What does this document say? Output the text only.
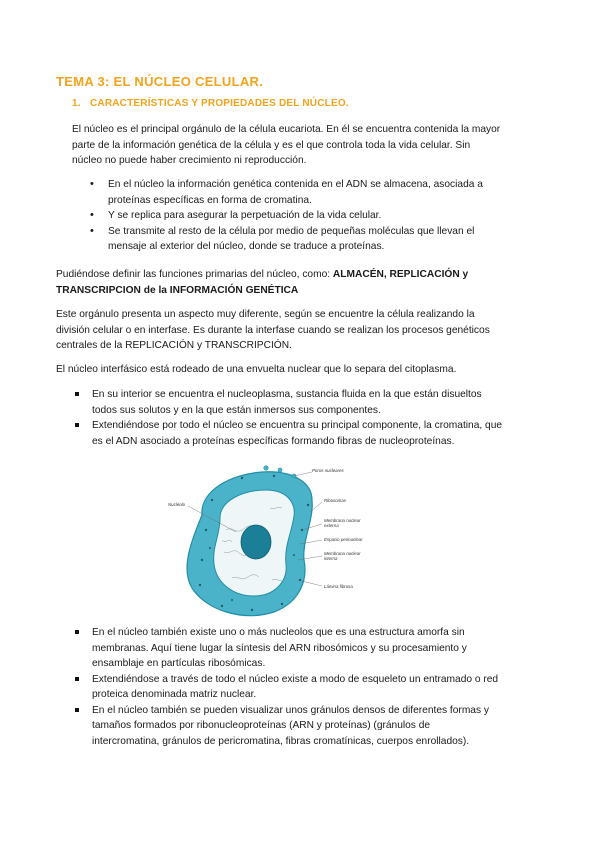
TEMA 3: EL NÚCLEO CELULAR.
1. CARACTERÍSTICAS Y PROPIEDADES DEL NÚCLEO.
El núcleo es el principal orgánulo de la célula eucariota. En él se encuentra contenida la mayor
parte de la información genética de la célula y es el que controla toda la vida celular. Sin
núcleo no puede haber crecimiento ni reproducción.
• En el núcleo la información genética contenida en el ADN se almacena, asociada a
proteínas específicas en forma de cromatina.
• Y se replica para asegurar la perpetuación de la vida celular.
• Se transmite al resto de la célula por medio de pequeñas moléculas que llevan el
mensaje al exterior del núcleo, donde se traduce a proteínas.
Pudiéndose definir las funciones primarias del núcleo, como: ALMACÉN, REPLICACIÓN y
TRANSCRIPCION de la INFORMACIÓN GENÉTICA
Este orgánulo presenta un aspecto muy diferente, según se encuentre la célula realizando la
división celular o en interfase. Es durante la interfase cuando se realizan los procesos genéticos
centrales de la REPLICACIÓN y TRANSCRIPCIÓN.
El núcleo interfásico está rodeado de una envuelta nuclear que lo separa del citoplasma.
En su interior se encuentra el nucleoplasma, sustancia fluida en la que están disueltos
todos sus solutos y en la que están inmersos sus componentes.
Extendiéndose por todo el núcleo se encuentra su principal componente, la cromatina, que
es el ADN asociado a proteínas específicas formando fibras de nucleoproteínas.
Poros nucleares
Nucléolo
Ribosomas
Membrana nuclear
externa
Espacio perinuclear
Membrana nuclear
interna
Lámina fibrosa
En el núcleo también existe uno o más nucleolos que es una estructura amorfa sin
membranas. Aquí tiene lugar la síntesis del ARN ribosómicos y su procesamiento y
ensamblaje en partículas ribosómicas.
Extendiéndose a través de todo el núcleo existe a modo de esqueleto un entramado o red
proteica denominada matriz nuclear.
En el núcleo también se pueden visualizar unos gránulos densos de diferentes formas y
tamaños formados por ribonucleoproteínas (ARN y proteínas) (gránulos de
intercromatina, gránulos de pericromatina, fibras cromatínicas, cuerpos enrollados).
